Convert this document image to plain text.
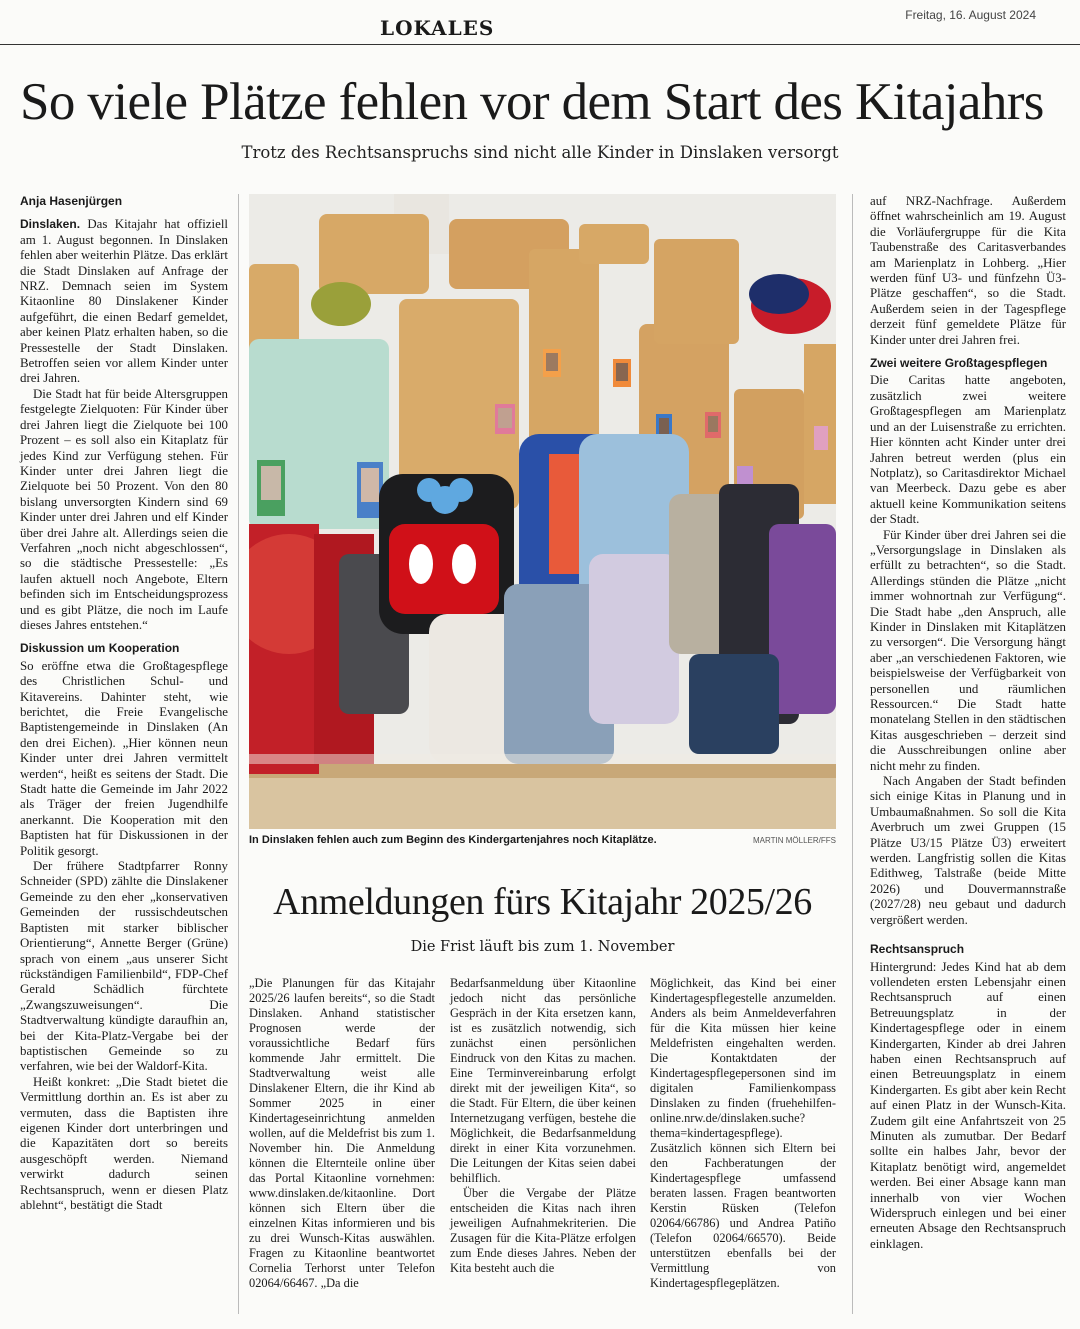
LOKALES
Freitag, 16. August 2024
So viele Plätze fehlen vor dem Start des Kitajahrs
Trotz des Rechtsanspruchs sind nicht alle Kinder in Dinslaken versorgt
Anja Hasenjürgen

Dinslaken. Das Kitajahr hat offiziell am 1. August begonnen. In Dinslaken fehlen aber weiterhin Plätze. Das erklärt die Stadt Dinslaken auf Anfrage der NRZ. Demnach seien im System Kitaonline 80 Dinslakener Kinder aufgeführt, die einen Bedarf gemeldet, aber keinen Platz erhalten haben, so die Pressestelle der Stadt Dinslaken. Betroffen seien vor allem Kinder unter drei Jahren.

Die Stadt hat für beide Altersgruppen festgelegte Zielquoten: Für Kinder über drei Jahren liegt die Zielquote bei 100 Prozent – es soll also ein Kitaplatz für jedes Kind zur Verfügung stehen. Für Kinder unter drei Jahren liegt die Zielquote bei 50 Prozent. Von den 80 bislang unversorgten Kindern sind 69 Kinder unter drei Jahren und elf Kinder über drei Jahre alt. Allerdings seien die Verfahren „noch nicht abgeschlossen“, so die städtische Pressestelle: „Es laufen aktuell noch Angebote, Eltern befinden sich im Entscheidungsprozess und es gibt Plätze, die noch im Laufe dieses Jahres entstehen.“

Diskussion um Kooperation

So eröffne etwa die Großtagespflege des Christlichen Schul- und Kitavereins. Dahinter steht, wie berichtet, die Freie Evangelische Baptistengemeinde in Dinslaken (An den drei Eichen). „Hier können neun Kinder unter drei Jahren vermittelt werden“, heißt es seitens der Stadt. Die Stadt hatte die Gemeinde im Jahr 2022 als Träger der freien Jugendhilfe anerkannt. Die Kooperation mit den Baptisten hat für Diskussionen in der Politik gesorgt.

Der frühere Stadtpfarrer Ronny Schneider (SPD) zählte die Dinslakener Gemeinde zu den eher „konservativen Gemeinden der russischdeutschen Baptisten mit starker biblischer Orientierung“, Annette Berger (Grüne) sprach von einem „aus unserer Sicht rückständigen Familienbild“, FDP-Chef Gerald Schädlich fürchtete „Zwangszuweisungen“. Die Stadtverwaltung kündigte daraufhin an, bei der Kita-Platz-Vergabe bei der baptistischen Gemeinde so zu verfahren, wie bei der Waldorf-Kita.

Heißt konkret: „Die Stadt bietet die Vermittlung dorthin an. Es ist aber zu vermuten, dass die Baptisten ihre eigenen Kinder dort unterbringen und die Kapazitäten dort so bereits ausgeschöpft werden. Niemand verwirkt dadurch seinen Rechtsanspruch, wenn er diesen Platz ablehnt“, bestätigt die Stadt

In Dinslaken fehlen auch zum Beginn des Kindergartenjahres noch Kitaplätze.	MARTIN MÖLLER/FFS
Anmeldungen fürs Kitajahr 2025/26
Die Frist läuft bis zum 1. November

„Die Planungen für das Kitajahr 2025/26 laufen bereits“, so die Stadt Dinslaken. Anhand statistischer Prognosen werde der voraussichtliche Bedarf fürs kommende Jahr ermittelt. Die Stadtverwaltung weist alle Dinslakener Eltern, die ihr Kind ab Sommer 2025 in einer Kindertageseinrichtung anmelden wollen, auf die Meldefrist bis zum 1. November hin. Die Anmeldung können die Elternteile online über das Portal Kitaonline vornehmen: www.dinslaken.de/kitaonline. Dort können sich Eltern über die einzelnen Kitas informieren und bis zu drei Wunsch-Kitas auswählen. Fragen zu Kitaonline beantwortet Cornelia Terhorst unter Telefon 02064/66467. „Da die

Bedarfsanmeldung über Kitaonline jedoch nicht das persönliche Gespräch in der Kita ersetzen kann, ist es zusätzlich notwendig, sich zunächst einen persönlichen Eindruck von den Kitas zu machen. Eine Terminvereinbarung erfolgt direkt mit der jeweiligen Kita“, so die Stadt. Für Eltern, die über keinen Internetzugang verfügen, bestehe die Möglichkeit, die Bedarfsanmeldung direkt in einer Kita vorzunehmen. Die Leitungen der Kitas seien dabei behilflich.

Über die Vergabe der Plätze entscheiden die Kitas nach ihren jeweiligen Aufnahmekriterien. Die Zusagen für die Kita-Plätze erfolgen zum Ende dieses Jahres. Neben der Kita besteht auch die

Möglichkeit, das Kind bei einer Kindertagespflegestelle anzumelden. Anders als beim Anmeldeverfahren für die Kita müssen hier keine Meldefristen eingehalten werden. Die Kontaktdaten der Kindertagespflegepersonen sind im digitalen Familienkompass Dinslaken zu finden (fruehehilfen-online.nrw.de/dinslaken.suche?thema=kindertagespflege).

Zusätzlich können sich Eltern bei den Fachberatungen der Kindertagespflege umfassend beraten lassen. Fragen beantworten Kerstin Rüsken (Telefon 02064/66786) und Andrea Patiño (Telefon 02064/66570). Beide unterstützen ebenfalls bei der Vermittlung von Kindertagespflegeplätzen.

auf NRZ-Nachfrage. Außerdem öffnet wahrscheinlich am 19. August die Vorläufergruppe für die Kita Taubenstraße des Caritasverbandes am Marienplatz in Lohberg. „Hier werden fünf U3- und fünfzehn Ü3-Plätze geschaffen“, so die Stadt. Außerdem seien in der Tagespflege derzeit fünf gemeldete Plätze für Kinder unter drei Jahren frei.

Zwei weitere Großtagespflegen

Die Caritas hatte angeboten, zusätzlich zwei weitere Großtagespflegen am Marienplatz und an der Luisenstraße zu errichten. Hier könnten acht Kinder unter drei Jahren betreut werden (plus ein Notplatz), so Caritasdirektor Michael van Meerbeck. Dazu gebe es aber aktuell keine Kommunikation seitens der Stadt.

Für Kinder über drei Jahren sei die „Versorgungslage in Dinslaken als erfüllt zu betrachten“, so die Stadt. Allerdings stünden die Plätze „nicht immer wohnortnah zur Verfügung“. Die Stadt habe „den Anspruch, alle Kinder in Dinslaken mit Kitaplätzen zu versorgen“. Die Versorgung hängt aber „an verschiedenen Faktoren, wie beispielsweise der Verfügbarkeit von personellen und räumlichen Ressourcen.“ Die Stadt hatte monatelang Stellen in den städtischen Kitas ausgeschrieben – derzeit sind die Ausschreibungen online aber nicht mehr zu finden.

Nach Angaben der Stadt befinden sich einige Kitas in Planung und in Umbaumaßnahmen. So soll die Kita Averbruch um zwei Gruppen (15 Plätze U3/15 Plätze Ü3) erweitert werden. Langfristig sollen die Kitas Edithweg, Talstraße (beide Mitte 2026) und Douvermannstraße (2027/28) neu gebaut und dadurch vergrößert werden.

Rechtsanspruch

Hintergrund: Jedes Kind hat ab dem vollendeten ersten Lebensjahr einen Rechtsanspruch auf einen Betreuungsplatz in der Kindertagespflege oder in einem Kindergarten, Kinder ab drei Jahren haben einen Rechtsanspruch auf einen Betreuungsplatz in einem Kindergarten. Es gibt aber kein Recht auf einen Platz in der Wunsch-Kita. Zudem gilt eine Anfahrtszeit von 25 Minuten als zumutbar. Der Bedarf sollte ein halbes Jahr, bevor der Kitaplatz benötigt wird, angemeldet werden. Bei einer Absage kann man innerhalb von vier Wochen Widerspruch einlegen und bei einer erneuten Absage den Rechtsanspruch einklagen.
